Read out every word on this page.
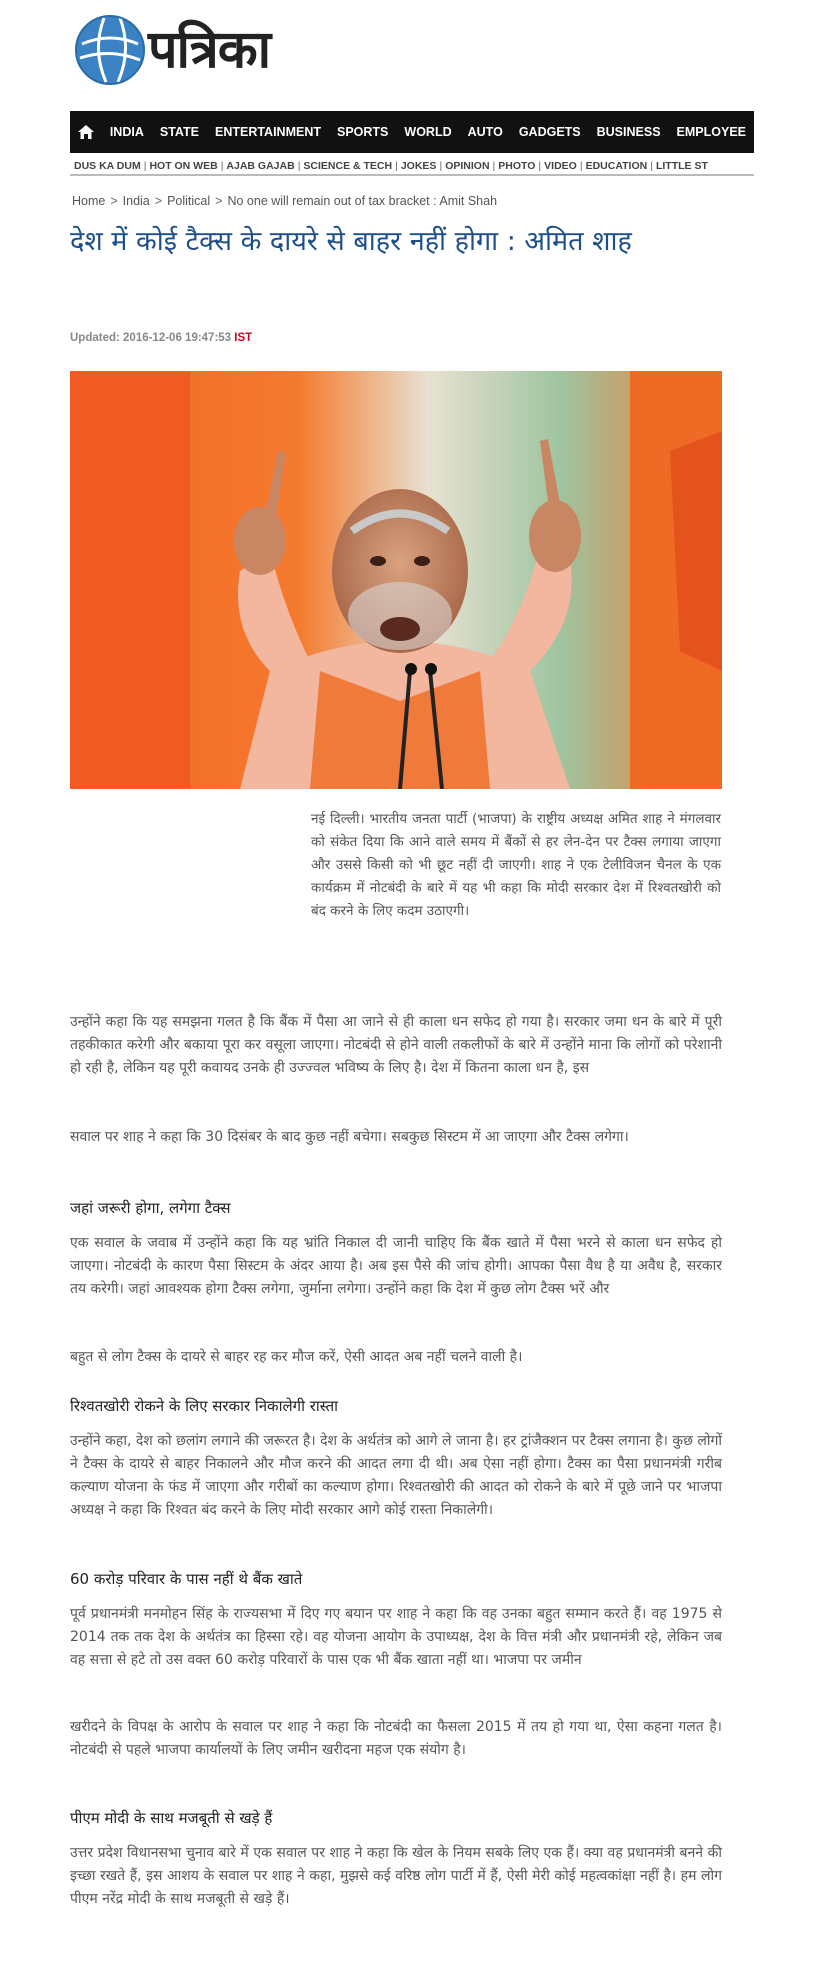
पत्रिका
INDIA	STATE	ENTERTAINMENT	SPORTS	WORLD	AUTO	GADGETS	BUSINESS	EMPLOYEE
DUS KA DUM | HOT ON WEB | AJAB GAJAB | SCIENCE & TECH | JOKES | OPINION | PHOTO | VIDEO | EDUCATION | LITTLE ST
Home > India > Political > No one will remain out of tax bracket : Amit Shah
देश में कोई टैक्स के दायरे से बाहर नहीं होगा : अमित शाह
Updated: 2016-12-06 19:47:53 IST

नई दिल्ली। भारतीय जनता पार्टी (भाजपा) के राष्ट्रीय अध्यक्ष अमित शाह ने मंगलवार को संकेत दिया कि आने वाले समय में बैंकों से हर लेन-देन पर टैक्स लगाया जाएगा और उससे किसी को भी छूट नहीं दी जाएगी। शाह ने एक टेलीविजन चैनल के एक कार्यक्रम में नोटबंदी के बारे में यह भी कहा कि मोदी सरकार देश में रिश्वतखोरी को बंद करने के लिए कदम उठाएगी।

उन्होंने कहा कि यह समझना गलत है कि बैंक में पैसा आ जाने से ही काला धन सफेद हो गया है। सरकार जमा धन के बारे में पूरी तहकीकात करेगी और बकाया पूरा कर वसूला जाएगा। नोटबंदी से होने वाली तकलीफों के बारे में उन्होंने माना कि लोगों को परेशानी हो रही है, लेकिन यह पूरी कवायद उनके ही उज्ज्वल भविष्य के लिए है। देश में कितना काला धन है, इस

सवाल पर शाह ने कहा कि 30 दिसंबर के बाद कुछ नहीं बचेगा। सबकुछ सिस्टम में आ जाएगा और टैक्स लगेगा।

जहां जरूरी होगा, लगेगा टैक्स

एक सवाल के जवाब में उन्होंने कहा कि यह भ्रांति निकाल दी जानी चाहिए कि बैंक खाते में पैसा भरने से काला धन सफेद हो जाएगा। नोटबंदी के कारण पैसा सिस्टम के अंदर आया है। अब इस पैसे की जांच होगी। आपका पैसा वैध है या अवैध है, सरकार तय करेगी। जहां आवश्यक होगा टैक्स लगेगा, जुर्माना लगेगा। उन्होंने कहा कि देश में कुछ लोग टैक्स भरें और

बहुत से लोग टैक्स के दायरे से बाहर रह कर मौज करें, ऐसी आदत अब नहीं चलने वाली है।

रिश्वतखोरी रोकने के लिए सरकार निकालेगी रास्ता

उन्होंने कहा, देश को छलांग लगाने की जरूरत है। देश के अर्थतंत्र को आगे ले जाना है। हर ट्रांजैक्शन पर टैक्स लगाना है। कुछ लोगों ने टैक्स के दायरे से बाहर निकालने और मौज करने की आदत लगा दी थी। अब ऐसा नहीं होगा। टैक्स का पैसा प्रधानमंत्री गरीब कल्याण योजना के फंड में जाएगा और गरीबों का कल्याण होगा। रिश्वतखोरी की आदत को रोकने के बारे में पूछे जाने पर भाजपा अध्यक्ष ने कहा कि रिश्वत बंद करने के लिए मोदी सरकार आगे कोई रास्ता निकालेगी।

60 करोड़ परिवार के पास नहीं थे बैंक खाते

पूर्व प्रधानमंत्री मनमोहन सिंह के राज्यसभा में दिए गए बयान पर शाह ने कहा कि वह उनका बहुत सम्मान करते हैं। वह 1975 से 2014 तक तक देश के अर्थतंत्र का हिस्सा रहे। वह योजना आयोग के उपाध्यक्ष, देश के वित्त मंत्री और प्रधानमंत्री रहे, लेकिन जब वह सत्ता से हटे तो उस वक्त 60 करोड़ परिवारों के पास एक भी बैंक खाता नहीं था। भाजपा पर जमीन

खरीदने के विपक्ष के आरोप के सवाल पर शाह ने कहा कि नोटबंदी का फैसला 2015 में तय हो गया था, ऐसा कहना गलत है। नोटबंदी से पहले भाजपा कार्यालयों के लिए जमीन खरीदना महज एक संयोग है।

पीएम मोदी के साथ मजबूती से खड़े हैं

उत्तर प्रदेश विधानसभा चुनाव बारे में एक सवाल पर शाह ने कहा कि खेल के नियम सबके लिए एक हैं। क्या वह प्रधानमंत्री बनने की इच्छा रखते हैं, इस आशय के सवाल पर शाह ने कहा, मुझसे कई वरिष्ठ लोग पार्टी में हैं, ऐसी मेरी कोई महत्वकांक्षा नहीं है। हम लोग पीएम नरेंद्र मोदी के साथ मजबूती से खड़े हैं।
